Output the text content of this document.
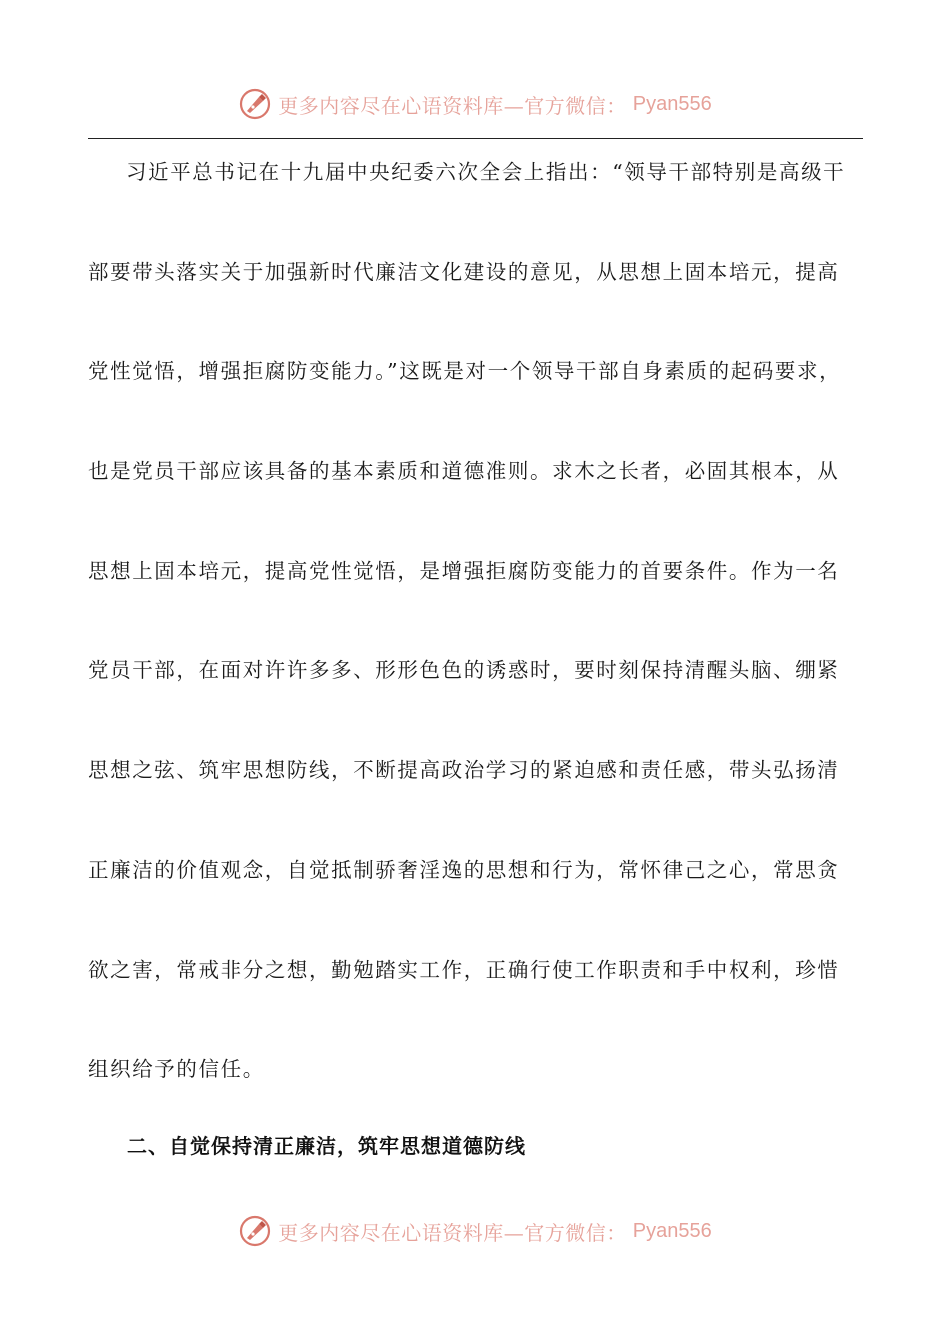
更多内容尽在心语资料库—官方微信： Pyan556
习近平总书记在十九届中央纪委六次全会上指出：“领导干部特别是高级干
部要带头落实关于加强新时代廉洁文化建设的意见，从思想上固本培元，提高
党性觉悟，增强拒腐防变能力。”这既是对一个领导干部自身素质的起码要求，
也是党员干部应该具备的基本素质和道德准则。求木之长者，必固其根本，从
思想上固本培元，提高党性觉悟，是增强拒腐防变能力的首要条件。作为一名
党员干部，在面对许许多多、形形色色的诱惑时，要时刻保持清醒头脑、绷紧
思想之弦、筑牢思想防线，不断提高政治学习的紧迫感和责任感，带头弘扬清
正廉洁的价值观念，自觉抵制骄奢淫逸的思想和行为，常怀律己之心，常思贪
欲之害，常戒非分之想，勤勉踏实工作，正确行使工作职责和手中权利，珍惜
组织给予的信任。
二、自觉保持清正廉洁，筑牢思想道德防线
更多内容尽在心语资料库—官方微信： Pyan556
